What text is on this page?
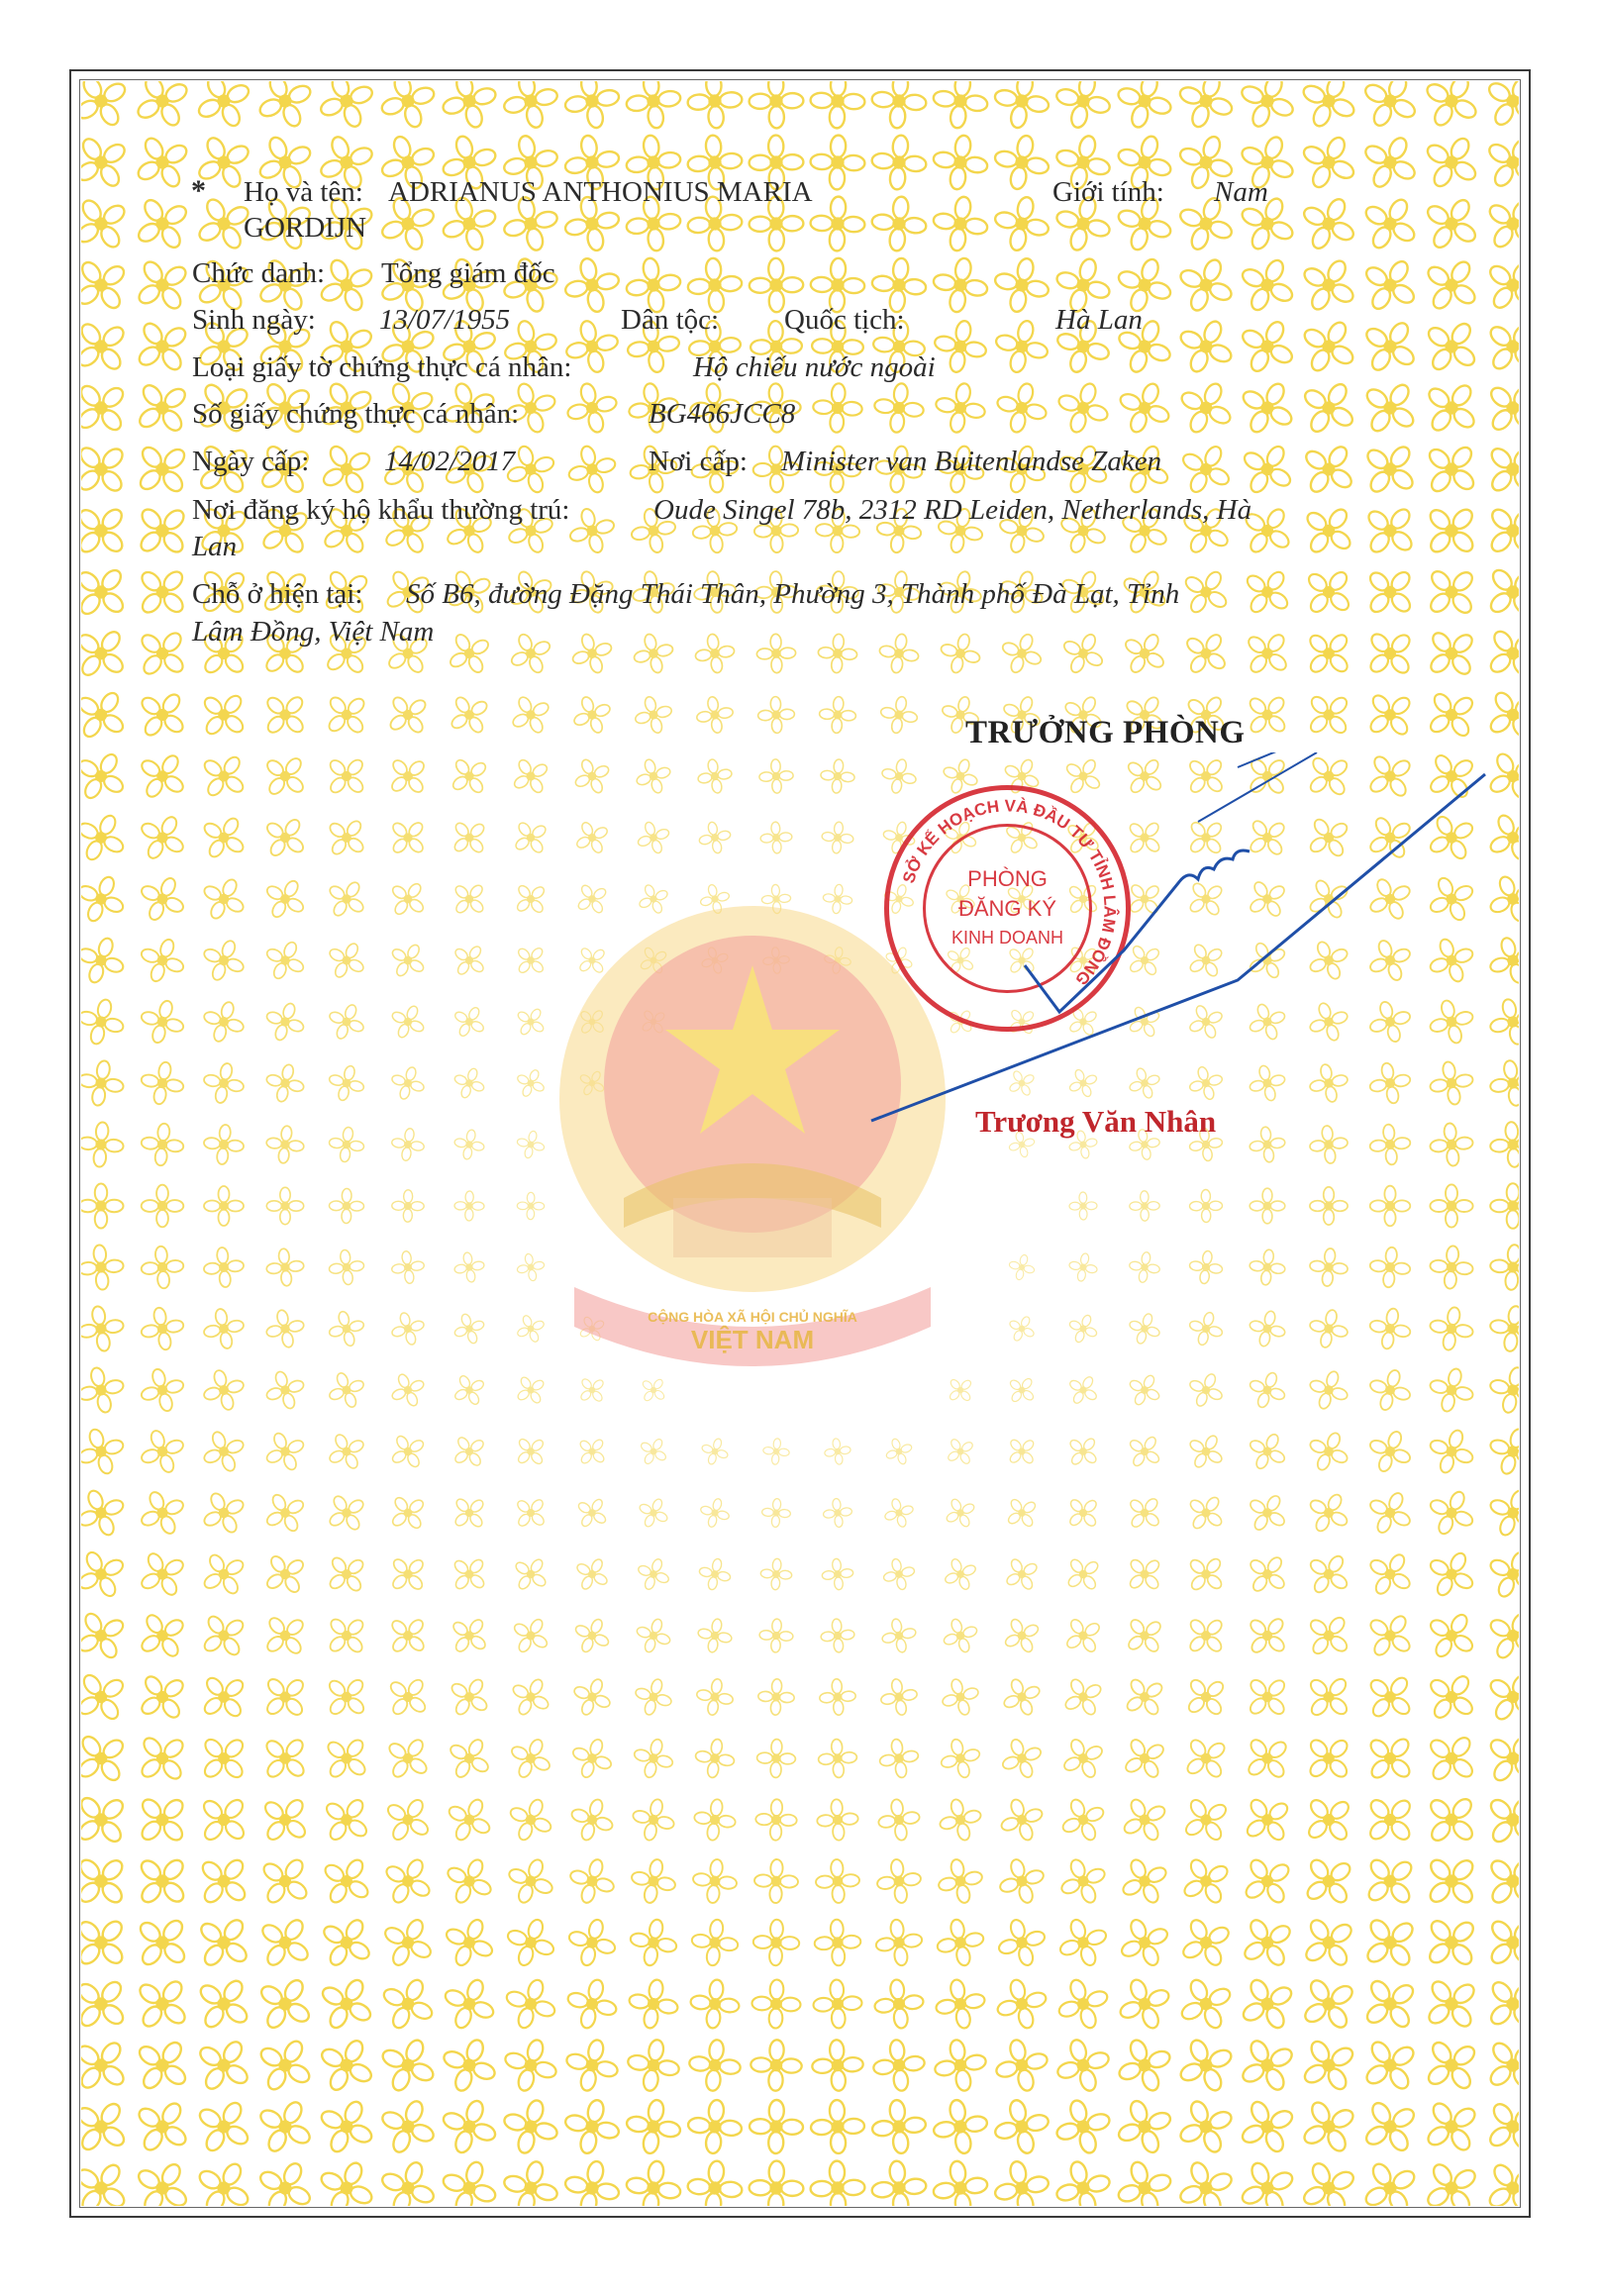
CỘNG HÒA XÃ HỘI CHỦ NGHĨA
VIỆT NAM
* Họ và tên: ADRIANUS ANTHONIUS MARIA
GORDIJN
Giới tính: Nam
Chức danh: Tổng giám đốc
Sinh ngày: 13/07/1955	Dân tộc: Quốc tịch:	Hà Lan
Loại giấy tờ chứng thực cá nhân:	Hộ chiếu nước ngoài
Số giấy chứng thực cá nhân:	BG466JCC8
Ngày cấp:	14/02/2017	Nơi cấp: Minister van Buitenlandse Zaken
Nơi đăng ký hộ khẩu thường trú:	Oude Singel 78b, 2312 RD Leiden, Netherlands, Hà
Lan
Chỗ ở hiện tại: Số B6, đường Đặng Thái Thân, Phường 3, Thành phố Đà Lạt, Tỉnh
Lâm Đồng, Việt Nam
TRƯỞNG PHÒNG
SỞ KẾ HOẠCH VÀ ĐẦU TƯ TỈNH LÂM ĐỒNG
PHÒNG
ĐĂNG KÝ
KINH DOANH
Trương Văn Nhân
